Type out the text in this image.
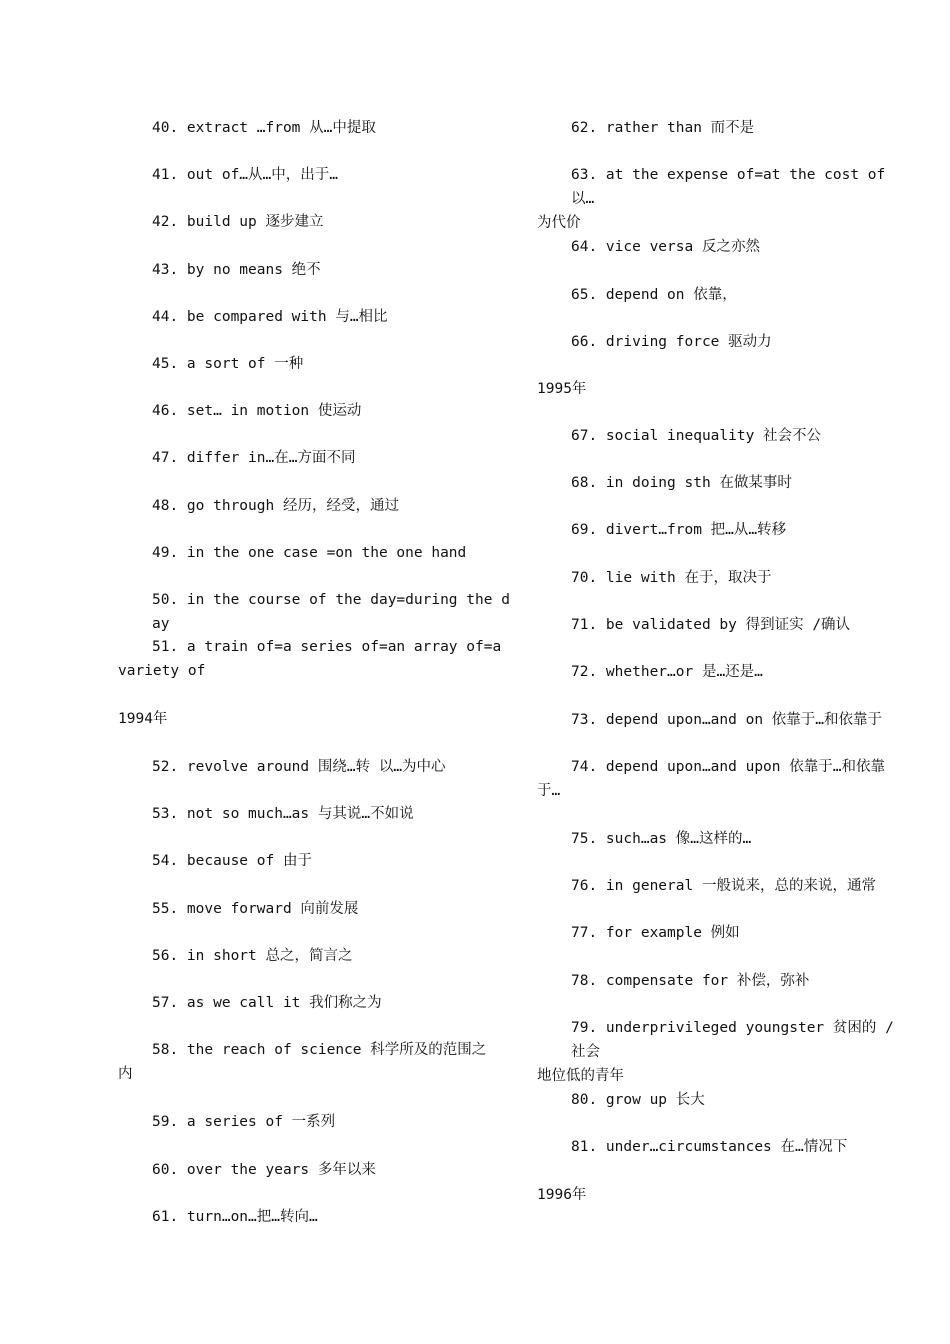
40. extract …from 从…中提取
41. out of…从…中，出于…
42. build up 逐步建立
43. by no means 绝不
44. be compared with 与…相比
45. a sort of 一种
46. set… in motion 使运动
47. differ in…在…方面不同
48. go through 经历，经受，通过
49. in the one case =on the one hand
50. in the course of the day=during the day
51. a train of=a series of=an array of=a
variety of
1994年
52. revolve around 围绕…转 以…为中心
53. not so much…as 与其说…不如说
54. because of 由于
55. move forward 向前发展
56. in short 总之，简言之
57. as we call it 我们称之为
58. the reach of science 科学所及的范围之
内
59. a series of 一系列
60. over the years 多年以来
61. turn…on…把…转向…
62. rather than 而不是
63. at the expense of=at the cost of 以…
为代价
64. vice versa 反之亦然
65. depend on 依靠，
66. driving force 驱动力
1995年
67. social inequality 社会不公
68. in doing sth 在做某事时
69. divert…from 把…从…转移
70. lie with 在于，取决于
71. be validated by 得到证实 /确认
72. whether…or 是…还是…
73. depend upon…and on 依靠于…和依靠于
74. depend upon…and upon 依靠于…和依靠
于…
75. such…as 像…这样的…
76. in general 一般说来，总的来说，通常
77. for example 例如
78. compensate for 补偿，弥补
79. underprivileged youngster 贫困的 /社会
地位低的青年
80. grow up 长大
81. under…circumstances 在…情况下
1996年
